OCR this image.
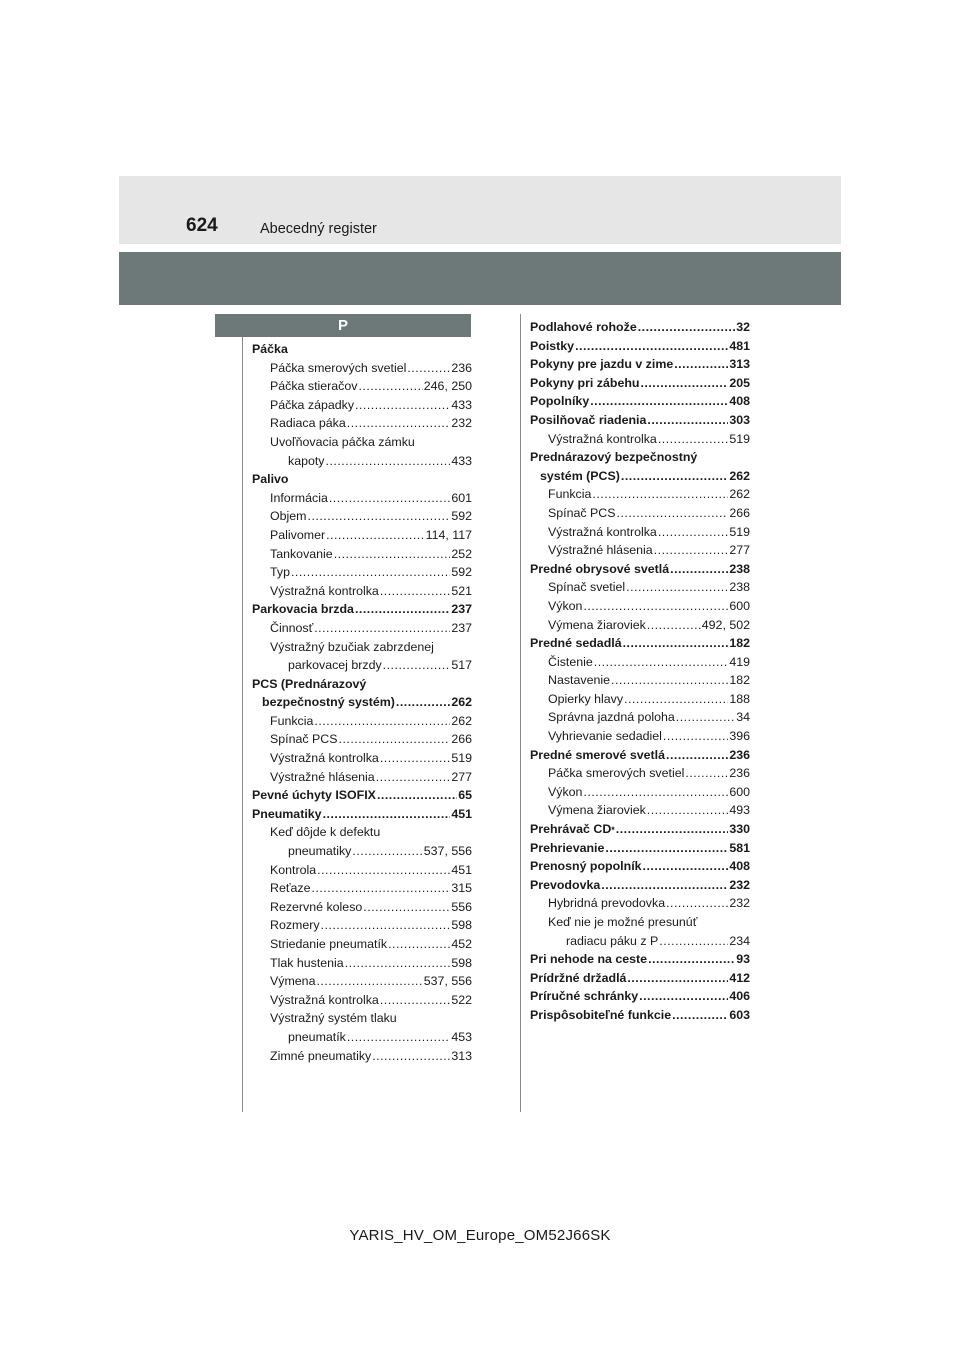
624	Abecedný register
P
Páčka
Páčka smerových svetiel .....	236
Páčka stieračov .....	246, 250
Páčka západky .....	433
Radiaca páka .....	232
Uvoľňovacia páčka zámku
kapoty .....	433
Palivo
Informácia .....	601
Objem .....	592
Palivomer .....	114, 117
Tankovanie .....	252
Typ .....	592
Výstražná kontrolka .....	521
Parkovacia brzda .....	237
Činnosť .....	237
Výstražný bzučiak zabrzdenej
parkovacej brzdy .....	517
PCS (Prednárazový
bezpečnostný systém) .....	262
Funkcia .....	262
Spínač PCS .....	266
Výstražná kontrolka .....	519
Výstražné hlásenia .....	277
Pevné úchyty ISOFIX .....	65
Pneumatiky .....	451
Keď dôjde k defektu
pneumatiky .....	537, 556
Kontrola .....	451
Reťaze .....	315
Rezervné koleso .....	556
Rozmery .....	598
Striedanie pneumatík .....	452
Tlak hustenia .....	598
Výmena .....	537, 556
Výstražná kontrolka .....	522
Výstražný systém tlaku
pneumatík .....	453
Zimné pneumatiky .....	313
Podlahové rohože .....	32
Poistky .....	481
Pokyny pre jazdu v zime .....	313
Pokyny pri zábehu .....	205
Popolníky .....	408
Posilňovač riadenia .....	303
Výstražná kontrolka .....	519
Prednárazový bezpečnostný
systém (PCS) .....	262
Funkcia .....	262
Spínač PCS .....	266
Výstražná kontrolka .....	519
Výstražné hlásenia .....	277
Predné obrysové svetlá .....	238
Spínač svetiel .....	238
Výkon .....	600
Výmena žiaroviek .....	492, 502
Predné sedadlá .....	182
Čistenie .....	419
Nastavenie .....	182
Opierky hlavy .....	188
Správna jazdná poloha .....	34
Vyhrievanie sedadiel .....	396
Predné smerové svetlá .....	236
Páčka smerových svetiel .....	236
Výkon .....	600
Výmena žiaroviek .....	493
Prehrávač CD * .....	330
Prehrievanie .....	581
Prenosný popolník .....	408
Prevodovka .....	232
Hybridná prevodovka .....	232
Keď nie je možné presunúť
radiacu páku z P .....	234
Pri nehode na ceste .....	93
Prídržné držadlá .....	412
Príručné schránky .....	406
Prispôsobiteľné funkcie .....	603
YARIS_HV_OM_Europe_OM52J66SK
